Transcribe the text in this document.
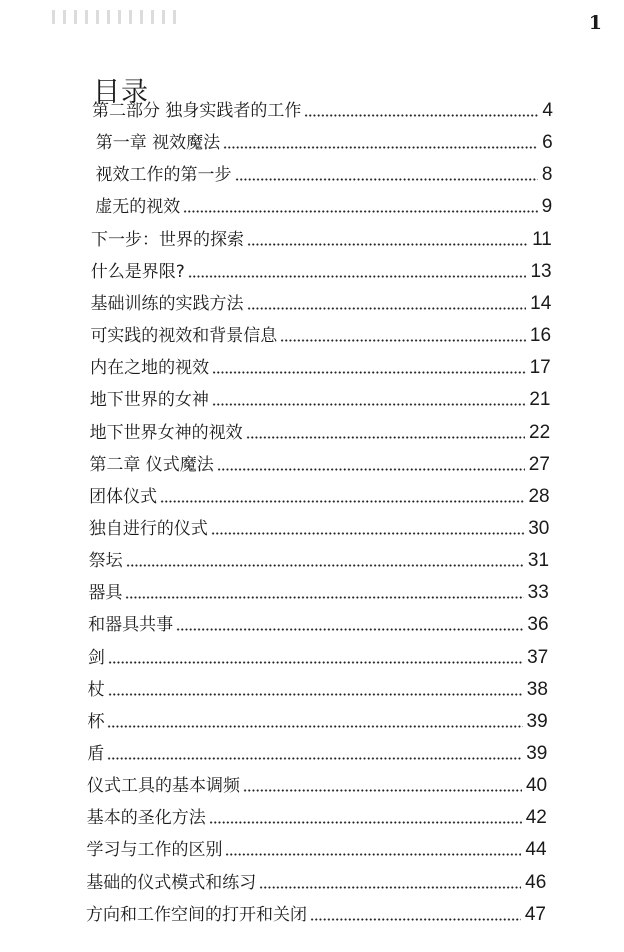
1
目录
第二部分 独身实践者的工作	4
第一章 视效魔法	6
视效工作的第一步	8
虚无的视效	9
下一步：世界的探索	11
什么是界限?	13
基础训练的实践方法	14
可实践的视效和背景信息	16
内在之地的视效	17
地下世界的女神	21
地下世界女神的视效	22
第二章 仪式魔法	27
团体仪式	28
独自进行的仪式	30
祭坛	31
器具	33
和器具共事	36
剑	37
杖	38
杯	39
盾	39
仪式工具的基本调频	40
基本的圣化方法	42
学习与工作的区别	44
基础的仪式模式和练习	46
方向和工作空间的打开和关闭	47
